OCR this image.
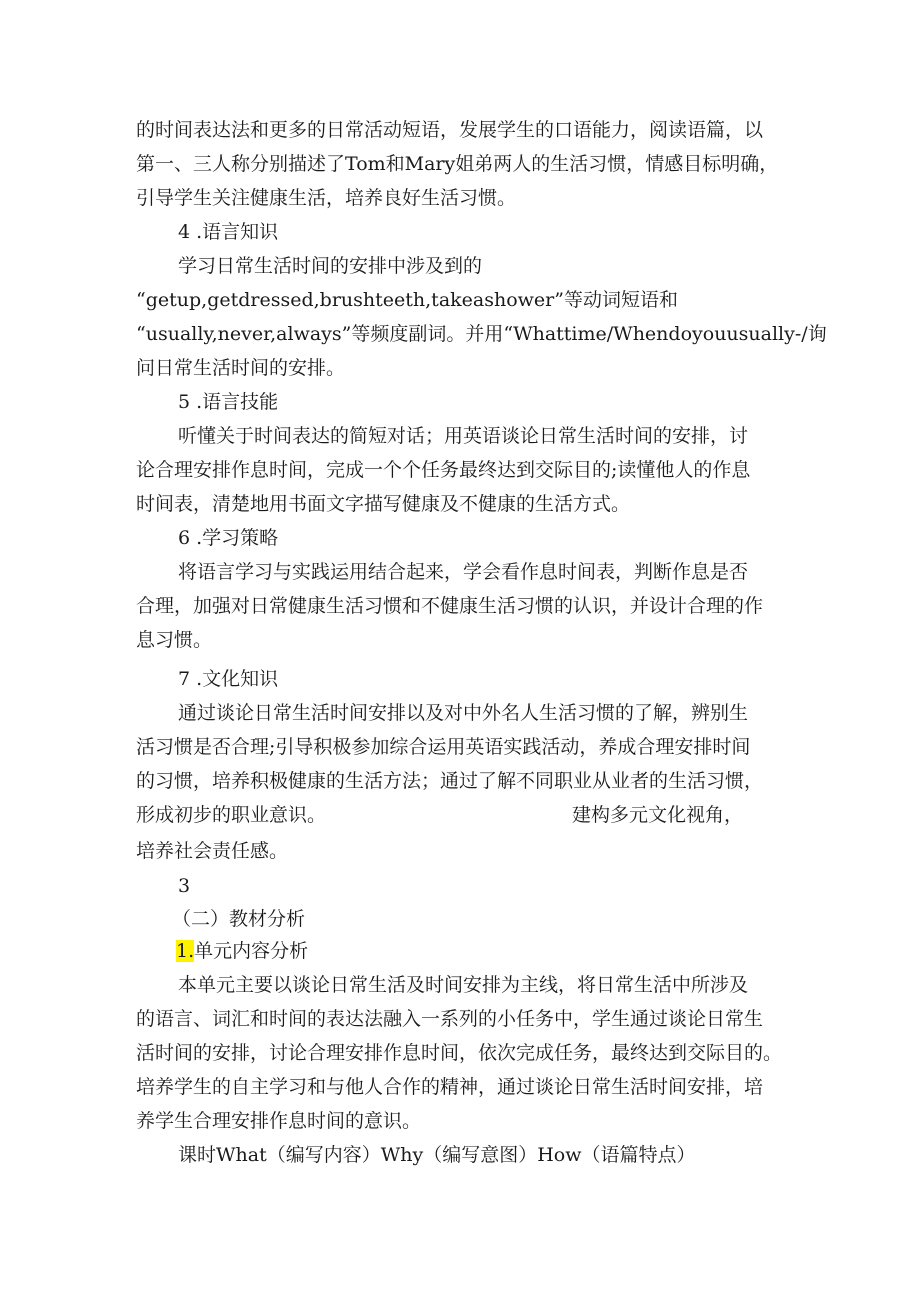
的时间表达法和更多的日常活动短语，发展学生的口语能力，阅读语篇，以
第一、三人称分别描述了Tom和Mary姐弟两人的生活习惯，情感目标明确，
引导学生关注健康生活，培养良好生活习惯。
4 .语言知识
学习日常生活时间的安排中涉及到的
“getup,getdressed,brushteeth,takeashower”等动词短语和
“usually,never,always”等频度副词。并用“Whattime/Whendoyouusually-/询
问日常生活时间的安排。
5 .语言技能
听懂关于时间表达的简短对话；用英语谈论日常生活时间的安排，讨
论合理安排作息时间，完成一个个任务最终达到交际目的;读懂他人的作息
时间表，清楚地用书面文字描写健康及不健康的生活方式。
6 .学习策略
将语言学习与实践运用结合起来，学会看作息时间表，判断作息是否
合理，加强对日常健康生活习惯和不健康生活习惯的认识，并设计合理的作
息习惯。
7 .文化知识
通过谈论日常生活时间安排以及对中外名人生活习惯的了解，辨别生
活习惯是否合理;引导积极参加综合运用英语实践活动，养成合理安排时间
的习惯，培养积极健康的生活方法；通过了解不同职业从业者的生活习惯，
形成初步的职业意识。	建构多元文化视角，
培养社会责任感。
3
（二）教材分析
1.单元内容分析
本单元主要以谈论日常生活及时间安排为主线，将日常生活中所涉及
的语言、词汇和时间的表达法融入一系列的小任务中，学生通过谈论日常生
活时间的安排，讨论合理安排作息时间，依次完成任务，最终达到交际目的。
培养学生的自主学习和与他人合作的精神，通过谈论日常生活时间安排，培
养学生合理安排作息时间的意识。
课时What（编写内容）Why（编写意图）How（语篇特点）
